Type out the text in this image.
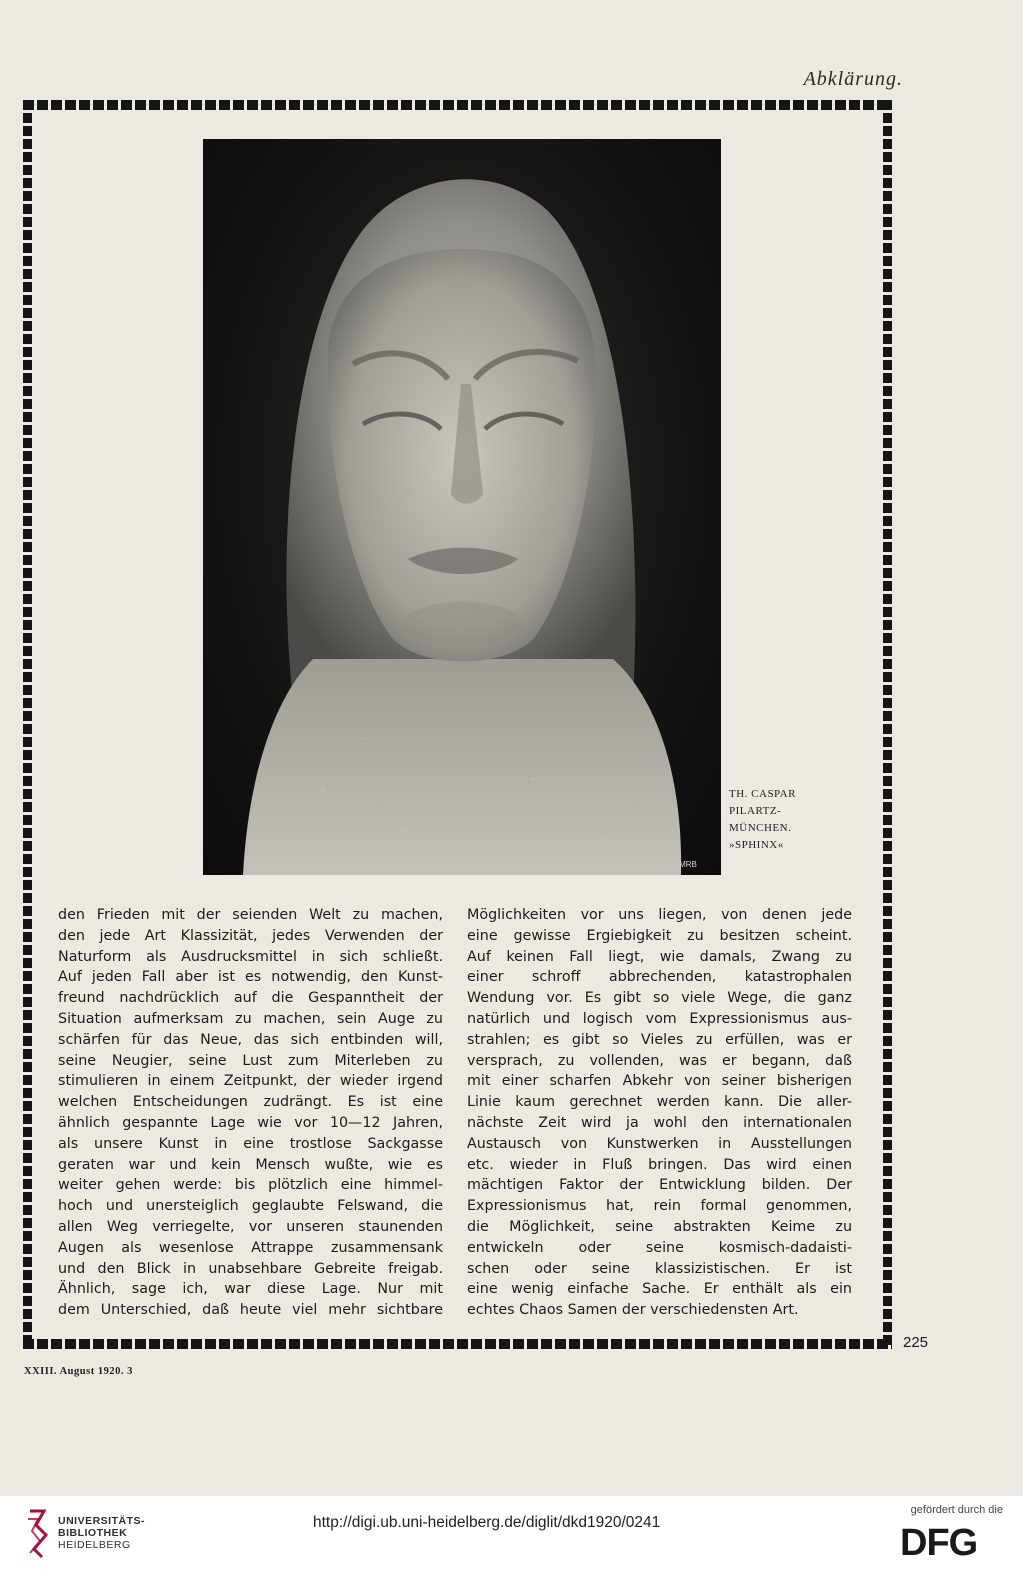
Abklärung.
MRB
TH. CASPAR
PILARTZ-
MÜNCHEN.
»SPHINX«
den Frieden mit der seienden Welt zu machen,
den jede Art Klassizität, jedes Verwenden der
Naturform als Ausdrucksmittel in sich schließt.
Auf jeden Fall aber ist es notwendig, den Kunst-
freund nachdrücklich auf die Gespanntheit der
Situation aufmerksam zu machen, sein Auge zu
schärfen für das Neue, das sich entbinden will,
seine Neugier, seine Lust zum Miterleben zu
stimulieren in einem Zeitpunkt, der wieder irgend
welchen Entscheidungen zudrängt. Es ist eine
ähnlich gespannte Lage wie vor 10—12 Jahren,
als unsere Kunst in eine trostlose Sackgasse
geraten war und kein Mensch wußte, wie es
weiter gehen werde: bis plötzlich eine himmel-
hoch und unersteiglich geglaubte Felswand, die
allen Weg verriegelte, vor unseren staunenden
Augen als wesenlose Attrappe zusammensank
und den Blick in unabsehbare Gebreite freigab.
Ähnlich, sage ich, war diese Lage. Nur mit
dem Unterschied, daß heute viel mehr sichtbare
Möglichkeiten vor uns liegen, von denen jede
eine gewisse Ergiebigkeit zu besitzen scheint.
Auf keinen Fall liegt, wie damals, Zwang zu
einer schroff abbrechenden, katastrophalen
Wendung vor. Es gibt so viele Wege, die ganz
natürlich und logisch vom Expressionismus aus-
strahlen; es gibt so Vieles zu erfüllen, was er
versprach, zu vollenden, was er begann, daß
mit einer scharfen Abkehr von seiner bisherigen
Linie kaum gerechnet werden kann. Die aller-
nächste Zeit wird ja wohl den internationalen
Austausch von Kunstwerken in Ausstellungen
etc. wieder in Fluß bringen. Das wird einen
mächtigen Faktor der Entwicklung bilden. Der
Expressionismus hat, rein formal genommen,
die Möglichkeit, seine abstrakten Keime zu
entwickeln oder seine kosmisch-dadaisti-
schen oder seine klassizistischen. Er ist
eine wenig einfache Sache. Er enthält als ein
echtes Chaos Samen der verschiedensten Art.
225
XXIII. August 1920. 3
UNIVERSITÄTS-
BIBLIOTHEK
HEIDELBERG
http://digi.ub.uni-heidelberg.de/diglit/dkd1920/0241
gefördert durch die
DFG
